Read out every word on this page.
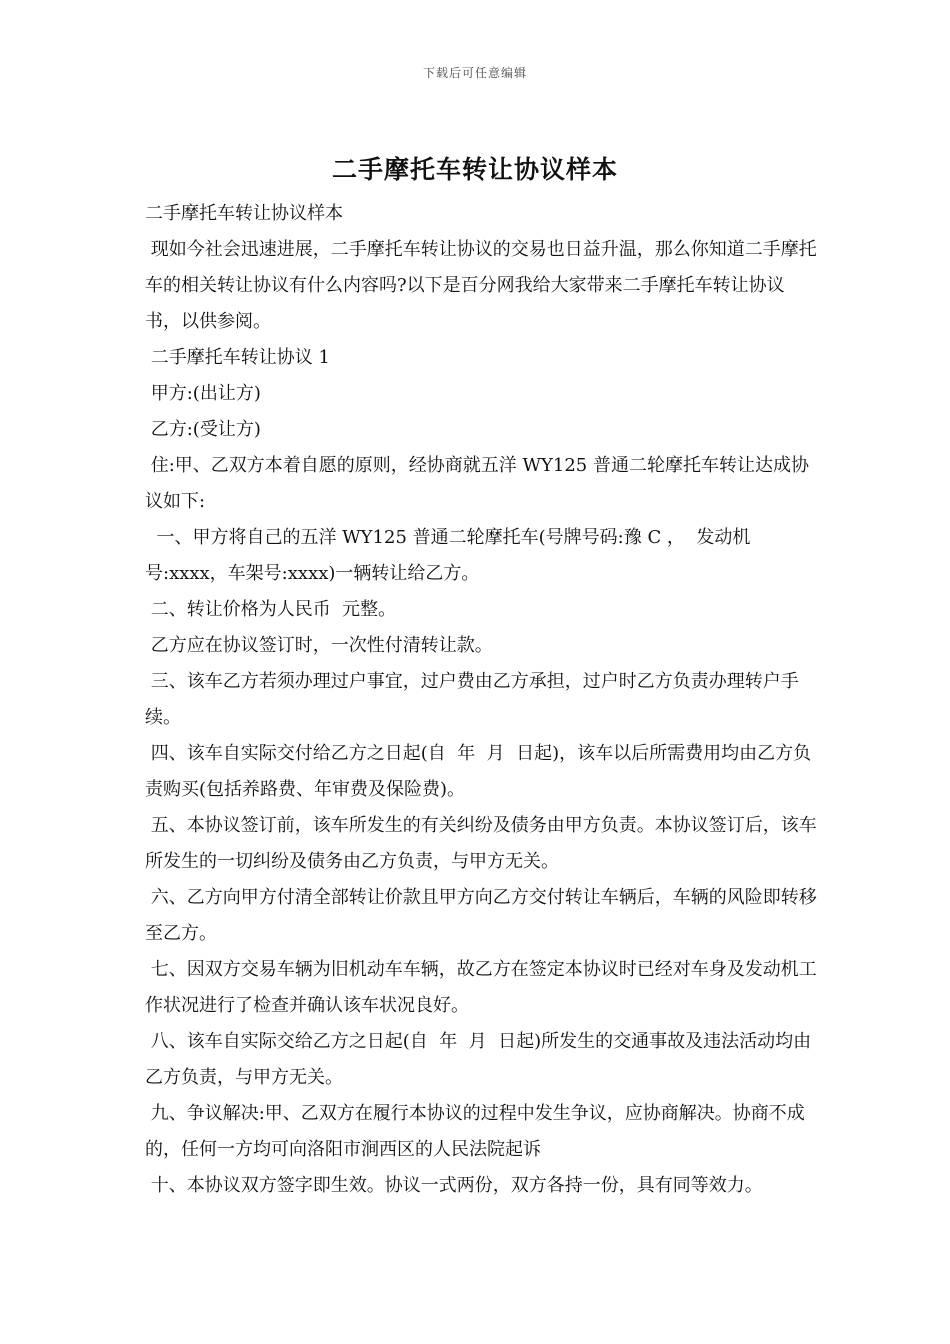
下载后可任意编辑
二手摩托车转让协议样本

二手摩托车转让协议样本

现如今社会迅速进展，二手摩托车转让协议的交易也日益升温，那么你知道二手摩托车的相关转让协议有什么内容吗?以下是百分网我给大家带来二手摩托车转让协议书，以供参阅。

二手摩托车转让协议 1

甲方:(出让方)

乙方:(受让方)

住:甲、乙双方本着自愿的原则，经协商就五洋 WY125 普通二轮摩托车转让达成协议如下:

一、甲方将自己的五洋 WY125 普通二轮摩托车(号牌号码:豫 C ，  发动机号:xxxx，车架号:xxxx)一辆转让给乙方。

二、转让价格为人民币  元整。

乙方应在协议签订时，一次性付清转让款。

三、该车乙方若须办理过户事宜，过户费由乙方承担，过户时乙方负责办理转户手续。

四、该车自实际交付给乙方之日起(自  年  月  日起)，该车以后所需费用均由乙方负责购买(包括养路费、年审费及保险费)。

五、本协议签订前，该车所发生的有关纠纷及债务由甲方负责。本协议签订后，该车所发生的一切纠纷及债务由乙方负责，与甲方无关。

六、乙方向甲方付清全部转让价款且甲方向乙方交付转让车辆后，车辆的风险即转移至乙方。

七、因双方交易车辆为旧机动车车辆，故乙方在签定本协议时已经对车身及发动机工作状况进行了检查并确认该车状况良好。

八、该车自实际交给乙方之日起(自  年  月  日起)所发生的交通事故及违法活动均由乙方负责，与甲方无关。

九、争议解决:甲、乙双方在履行本协议的过程中发生争议，应协商解决。协商不成的，任何一方均可向洛阳市涧西区的人民法院起诉

十、本协议双方签字即生效。协议一式两份，双方各持一份，具有同等效力。
